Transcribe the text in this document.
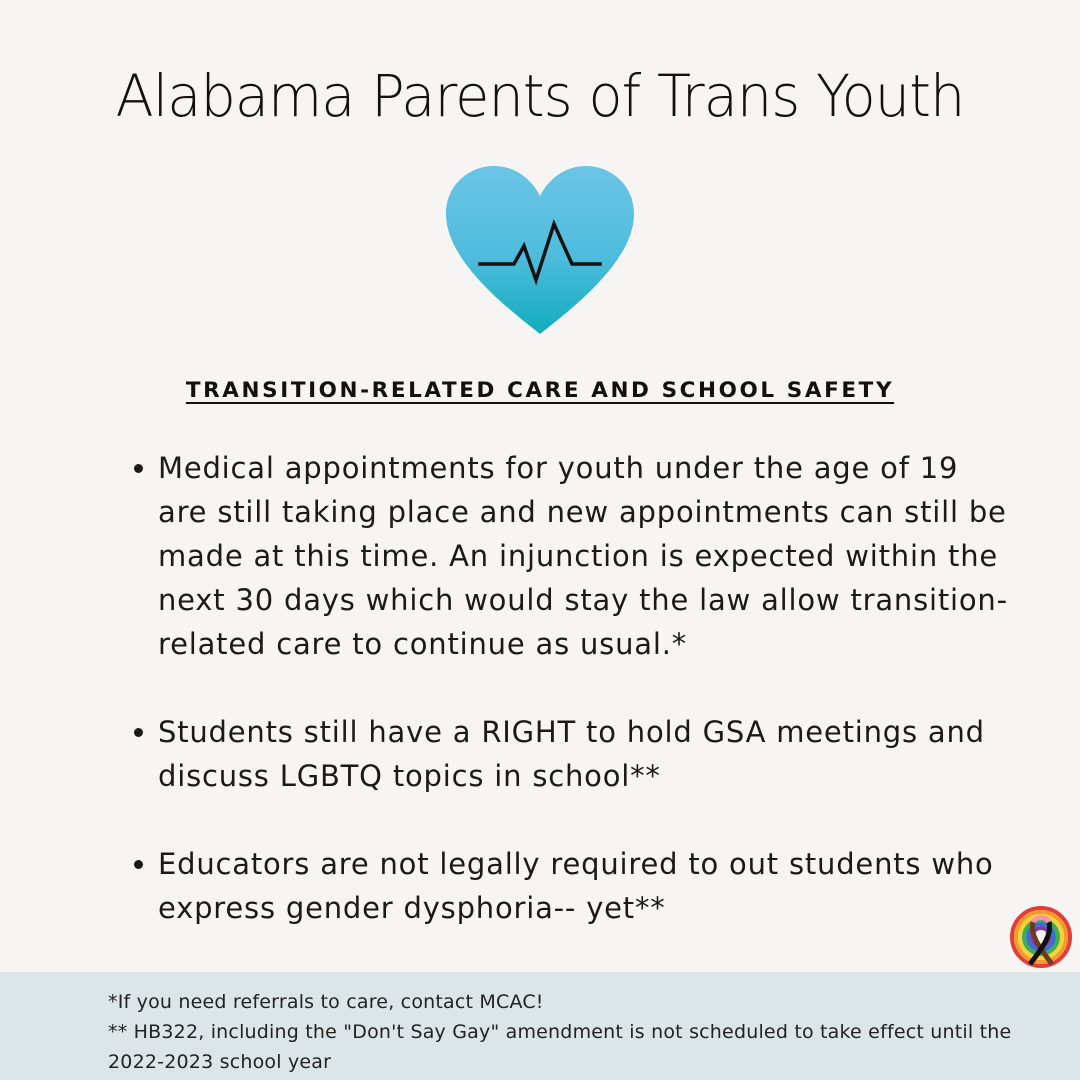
Alabama Parents of Trans Youth
TRANSITION-RELATED CARE AND SCHOOL SAFETY
Medical appointments for youth under the age of 19 are still taking place and new appointments can still be made at this time. An injunction is expected within the next 30 days which would stay the law allow transition-related care to continue as usual.*
Students still have a RIGHT to hold GSA meetings and discuss LGBTQ topics in school**
Educators are not legally required to out students who express gender dysphoria-- yet**
*If you need referrals to care, contact MCAC!
** HB322, including the "Don't Say Gay" amendment is not scheduled to take effect until the 2022-2023 school year
